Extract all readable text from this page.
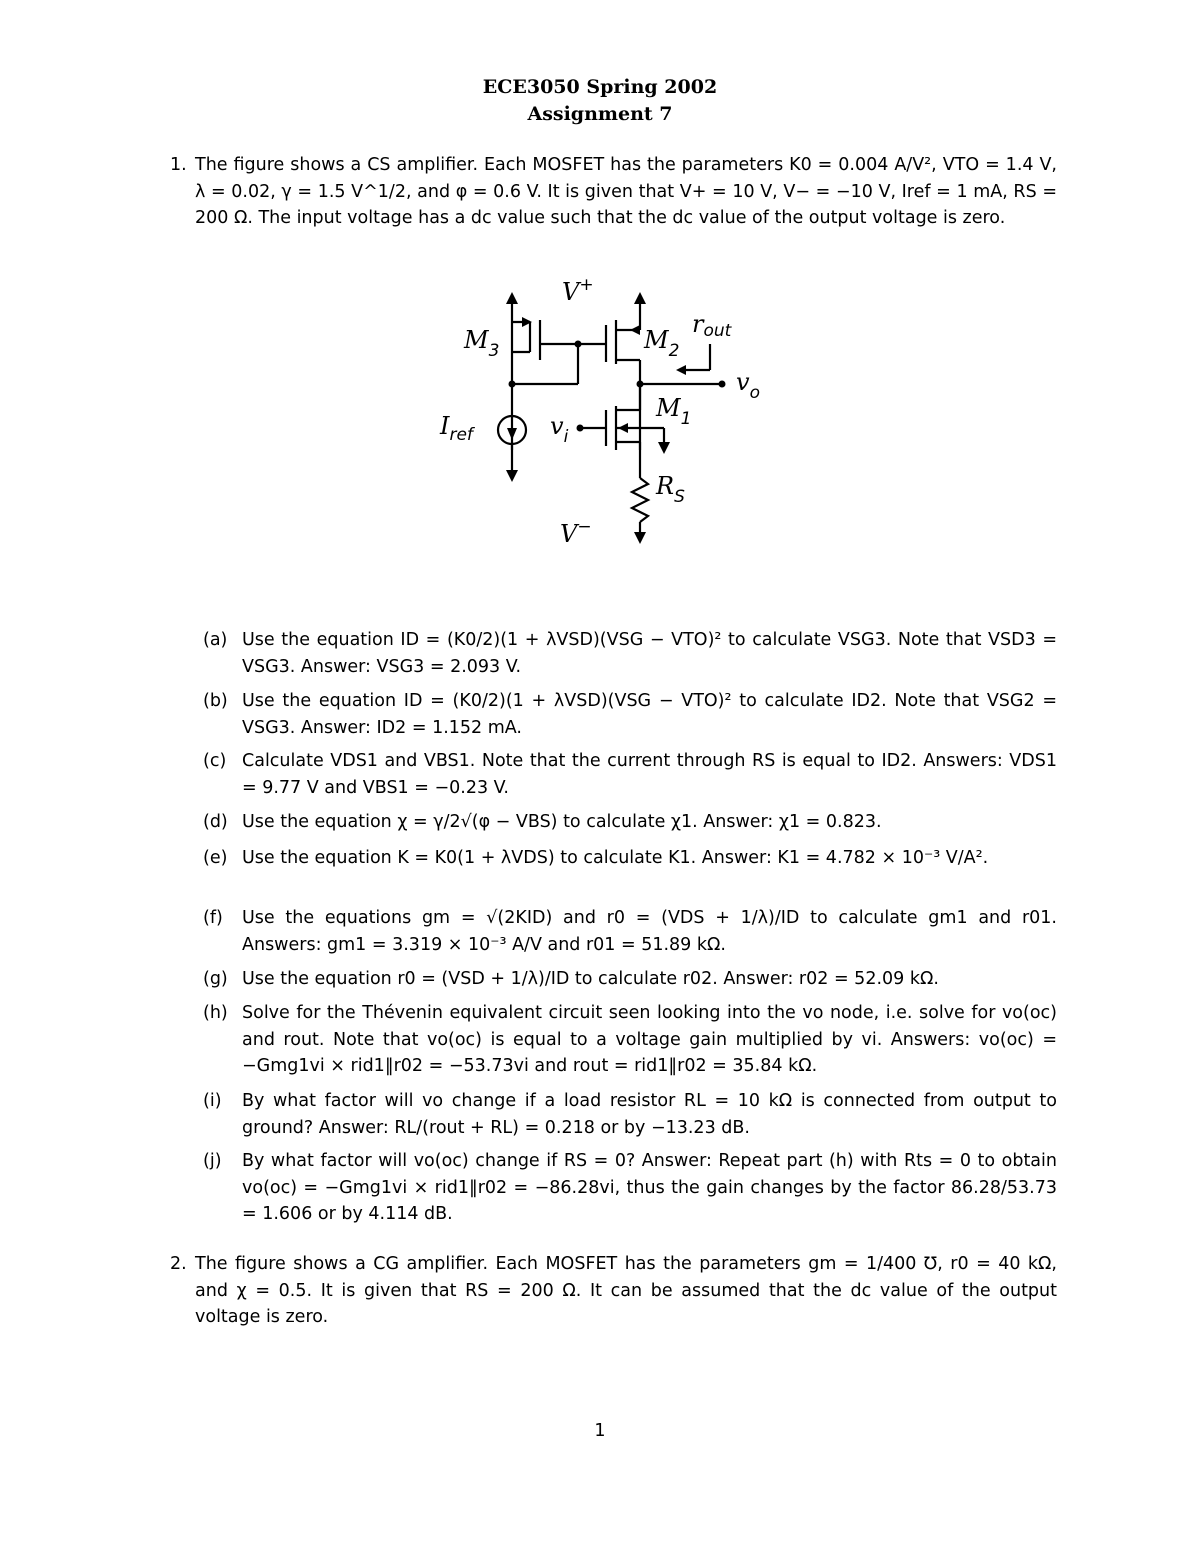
ECE3050 Spring 2002
Assignment 7
1. The figure shows a CS amplifier. Each MOSFET has the parameters K0 = 0.004 A/V², VTO = 1.4 V, λ = 0.02, γ = 1.5 V^1/2, and φ = 0.6 V. It is given that V+ = 10 V, V− = −10 V, Iref = 1 mA, RS = 200 Ω. The input voltage has a dc value such that the dc value of the output voltage is zero.
V+
$M_3$	$M_2$
rout
$v_o$
$M_1$
$I_{ref}$	$v_i$
$R_S$
V−
(a) Use the equation ID = (K0/2)(1 + λVSD)(VSG − VTO)² to calculate VSG3. Note that VSD3 = VSG3. Answer: VSG3 = 2.093 V.
(b) Use the equation ID = (K0/2)(1 + λVSD)(VSG − VTO)² to calculate ID2. Note that VSG2 = VSG3. Answer: ID2 = 1.152 mA.
(c) Calculate VDS1 and VBS1. Note that the current through RS is equal to ID2. Answers: VDS1 = 9.77 V and VBS1 = −0.23 V.
(d) Use the equation χ = γ/2√(φ − VBS) to calculate χ1. Answer: χ1 = 0.823.
(e) Use the equation K = K0(1 + λVDS) to calculate K1. Answer: K1 = 4.782 × 10⁻³ V/A².
(f)	Use the equations gm = √(2KID) and r0 = (VDS + 1/λ)/ID to calculate gm1 and r01. Answers: gm1 = 3.319 × 10⁻³ A/V and r01 = 51.89 kΩ.
(g) Use the equation r0 = (VSD + 1/λ)/ID to calculate r02. Answer: r02 = 52.09 kΩ.
(h) Solve for the Thévenin equivalent circuit seen looking into the vo node, i.e. solve for vo(oc) and rout. Note that vo(oc) is equal to a voltage gain multiplied by vi. Answers: vo(oc) = −Gmg1vi × rid1‖r02 = −53.73vi and rout = rid1‖r02 = 35.84 kΩ.
(i)	By what factor will vo change if a load resistor RL = 10 kΩ is connected from output to ground? Answer: RL/(rout + RL) = 0.218 or by −13.23 dB.
(j)	By what factor will vo(oc) change if RS = 0? Answer: Repeat part (h) with Rts = 0 to obtain vo(oc) = −Gmg1vi × rid1‖r02 = −86.28vi, thus the gain changes by the factor 86.28/53.73 = 1.606 or by 4.114 dB.
2. The figure shows a CG amplifier. Each MOSFET has the parameters gm = 1/400 ℧, r0 = 40 kΩ, and χ = 0.5. It is given that RS = 200 Ω. It can be assumed that the dc value of the output voltage is zero.
1
